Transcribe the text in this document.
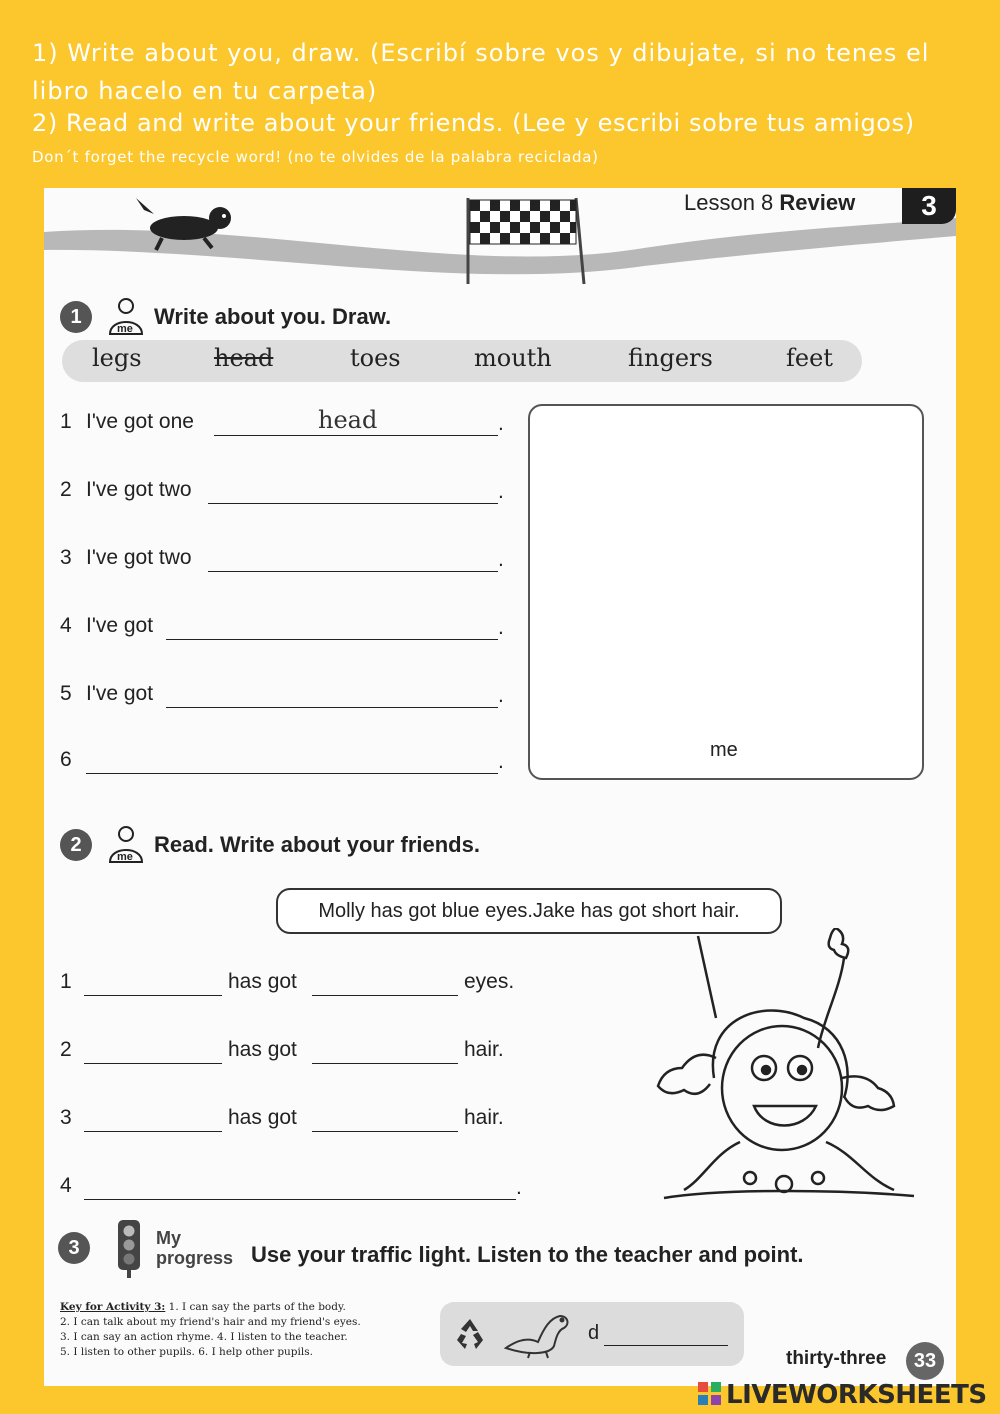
1) Write about you, draw. (Escribí sobre vos y dibujate, si no tenes el libro hacelo en tu carpeta)
2) Read and write about your friends. (Lee y escribi sobre tus amigos)
Don´t forget the recycle word! (no te olvides de la palabra reciclada)
Lesson 8 Review	3
1
me Write about you. Draw.
legs	head	toes	mouth	fingers	feet
1 I've got one	head	.
2 I've got two	.
3 I've got two	.
4 I've got	.
5 I've got	.
6	.	me
2
me Read. Write about your friends.
Molly has got blue eyes.Jake has got short hair.
1	has got	eyes.
2	has got	hair.
3	has got	hair.
4	.
3	My
progress Use your traffic light. Listen to the teacher and point.
Key for Activity 3: 1. I can say the parts of the body.
2. I can talk about my friend's hair and my friend's eyes.
3. I can say an action rhyme. 4. I listen to the teacher.
5. I listen to other pupils. 6. I help other pupils.
d
thirty-three	33
LIVEWORKSHEETS
